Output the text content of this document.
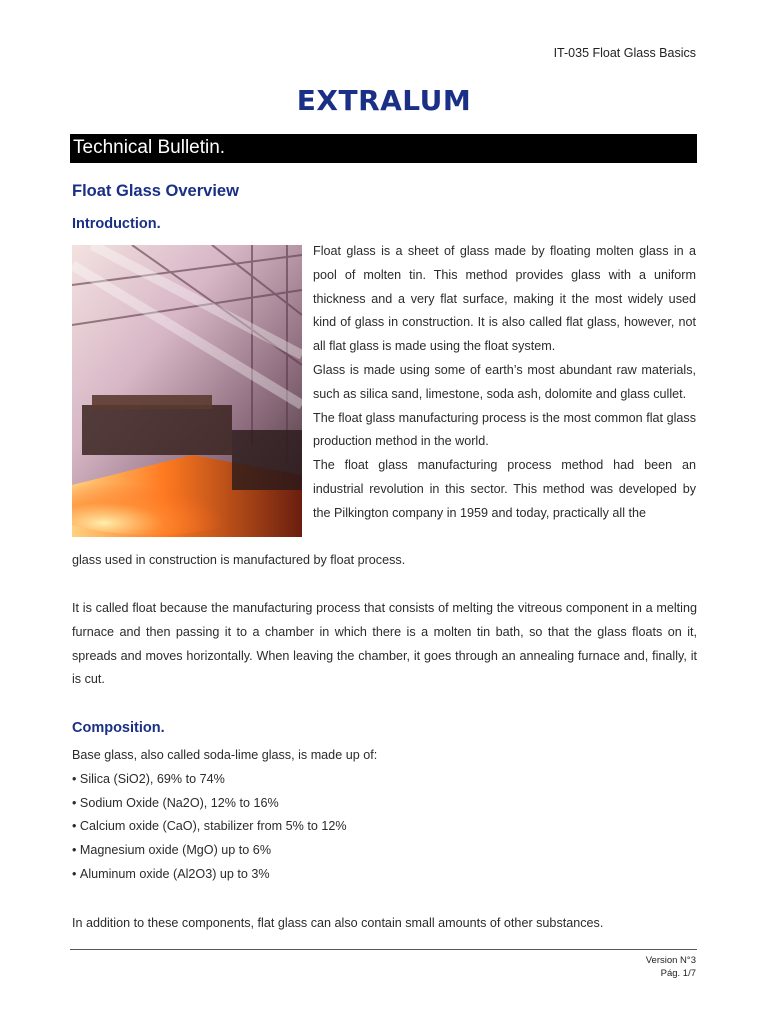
IT-035 Float Glass Basics
EXTRALUM
Technical Bulletin.
Float Glass Overview
Introduction.

Float glass is a sheet of glass made by floating molten glass in a pool of molten tin. This method provides glass with a uniform thickness and a very flat surface, making it the most widely used kind of glass in construction. It is also called flat glass, however, not all flat glass is made using the float system.

Glass is made using some of earth’s most abundant raw materials, such as silica sand, limestone, soda ash, dolomite and glass cullet.

The float glass manufacturing process is the most common flat glass production method in the world.

The float glass manufacturing process method had been an industrial revolution in this sector. This method was developed by the Pilkington company in 1959 and today, practically all the

glass used in construction is manufactured by float process.

It is called float because the manufacturing process that consists of melting the vitreous component in a melting furnace and then passing it to a chamber in which there is a molten tin bath, so that the glass floats on it, spreads and moves horizontally. When leaving the chamber, it goes through an annealing furnace and, finally, it is cut.

Composition.
Base glass, also called soda-lime glass, is made up of:
• Silica (SiO2), 69% to 74%
• Sodium Oxide (Na2O), 12% to 16%
• Calcium oxide (CaO), stabilizer from 5% to 12%
• Magnesium oxide (MgO) up to 6%
• Aluminum oxide (Al2O3) up to 3%
In addition to these components, flat glass can also contain small amounts of other substances.
Version N°3
Pág. 1/7
